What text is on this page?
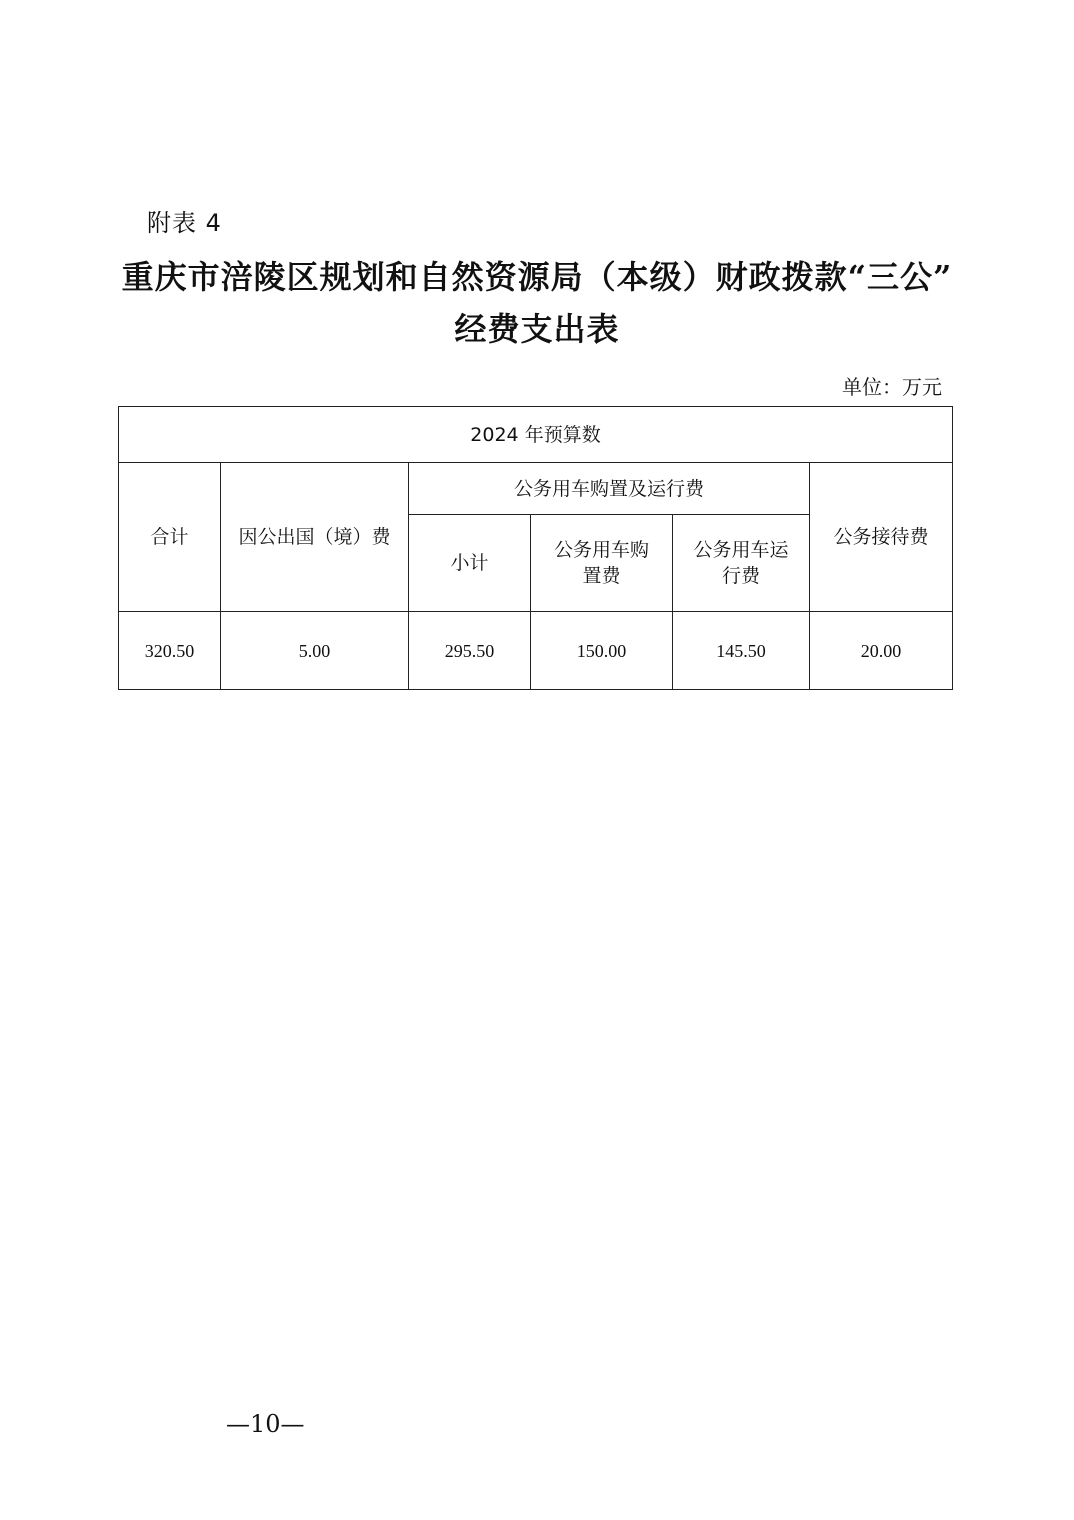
附表 4
重庆市涪陵区规划和自然资源局（本级）财政拨款“三公”
经费支出表
单位：万元
2024 年预算数					
合计	因公出国（境）费	公务用车购置及运行费			公务接待费
		小计	公务用车购置费	公务用车运行费	
320.50	5.00	295.50	150.00	145.50	20.00
—10—
